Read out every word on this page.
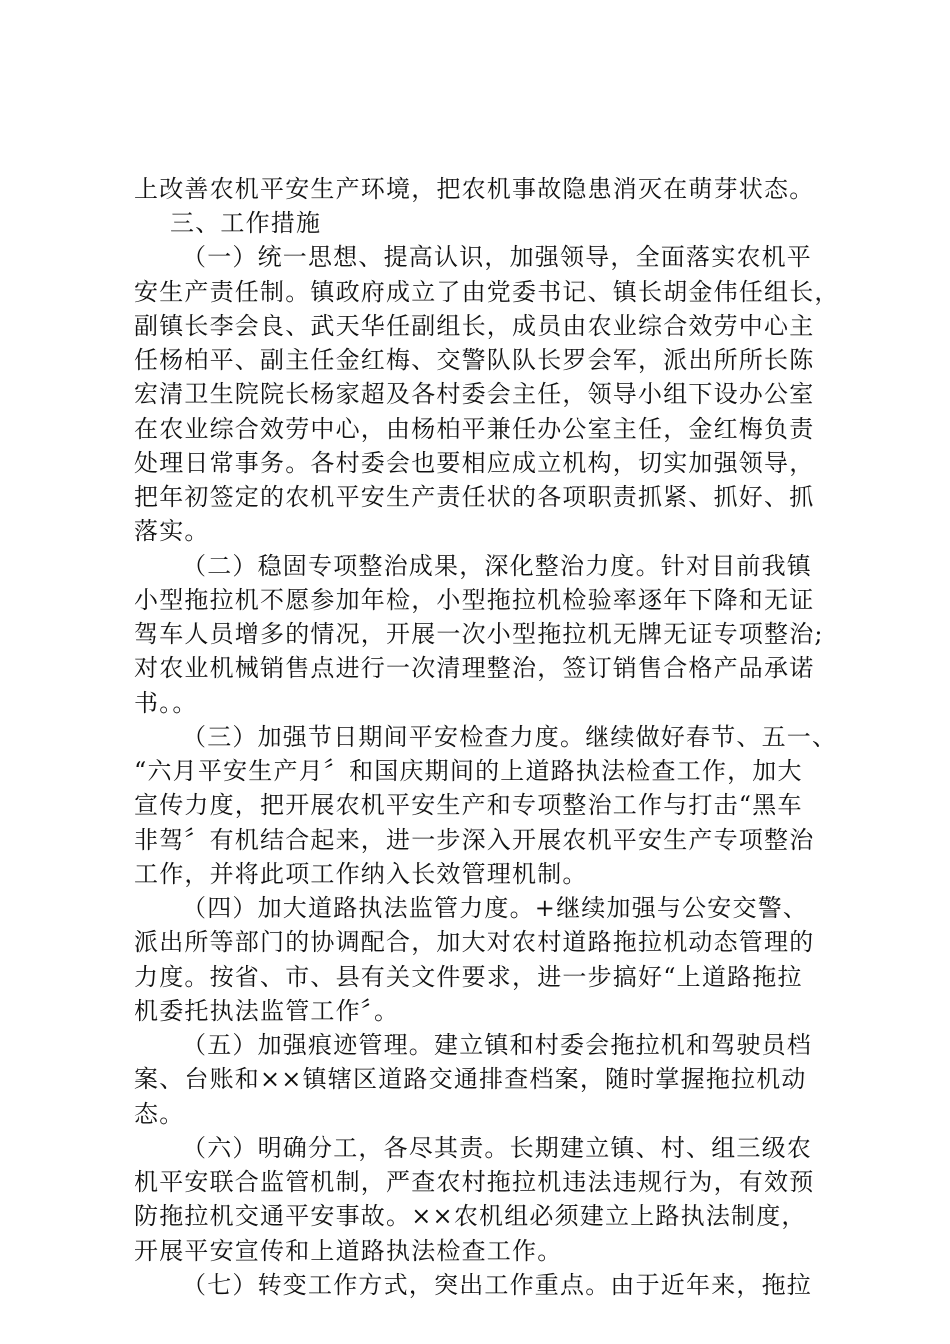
上改善农机平安生产环境，把农机事故隐患消灭在萌芽状态。
三、工作措施
（一）统一思想、提高认识，加强领导，全面落实农机平
安生产责任制。镇政府成立了由党委书记、镇长胡金伟任组长，
副镇长李会良、武天华任副组长，成员由农业综合效劳中心主
任杨柏平、副主任金红梅、交警队队长罗会军，派出所所长陈
宏清卫生院院长杨家超及各村委会主任，领导小组下设办公室
在农业综合效劳中心，由杨柏平兼任办公室主任，金红梅负责
处理日常事务。各村委会也要相应成立机构，切实加强领导，
把年初签定的农机平安生产责任状的各项职责抓紧、抓好、抓
落实。
（二）稳固专项整治成果，深化整治力度。针对目前我镇
小型拖拉机不愿参加年检，小型拖拉机检验率逐年下降和无证
驾车人员增多的情况，开展一次小型拖拉机无牌无证专项整治;
对农业机械销售点进行一次清理整治，签订销售合格产品承诺
书。。
（三）加强节日期间平安检查力度。继续做好春节、五一、
“六月平安生产月〞和国庆期间的上道路执法检查工作，加大
宣传力度，把开展农机平安生产和专项整治工作与打击“黑车
非驾〞有机结合起来，进一步深入开展农机平安生产专项整治
工作，并将此项工作纳入长效管理机制。
（四）加大道路执法监管力度。+继续加强与公安交警、
派出所等部门的协调配合，加大对农村道路拖拉机动态管理的
力度。按省、市、县有关文件要求，进一步搞好“上道路拖拉
机委托执法监管工作〞。
（五）加强痕迹管理。建立镇和村委会拖拉机和驾驶员档
案、台账和××镇辖区道路交通排查档案，随时掌握拖拉机动
态。
（六）明确分工，各尽其责。长期建立镇、村、组三级农
机平安联合监管机制，严查农村拖拉机违法违规行为，有效预
防拖拉机交通平安事故。××农机组必须建立上路执法制度，
开展平安宣传和上道路执法检查工作。
（七）转变工作方式，突出工作重点。由于近年来，拖拉
